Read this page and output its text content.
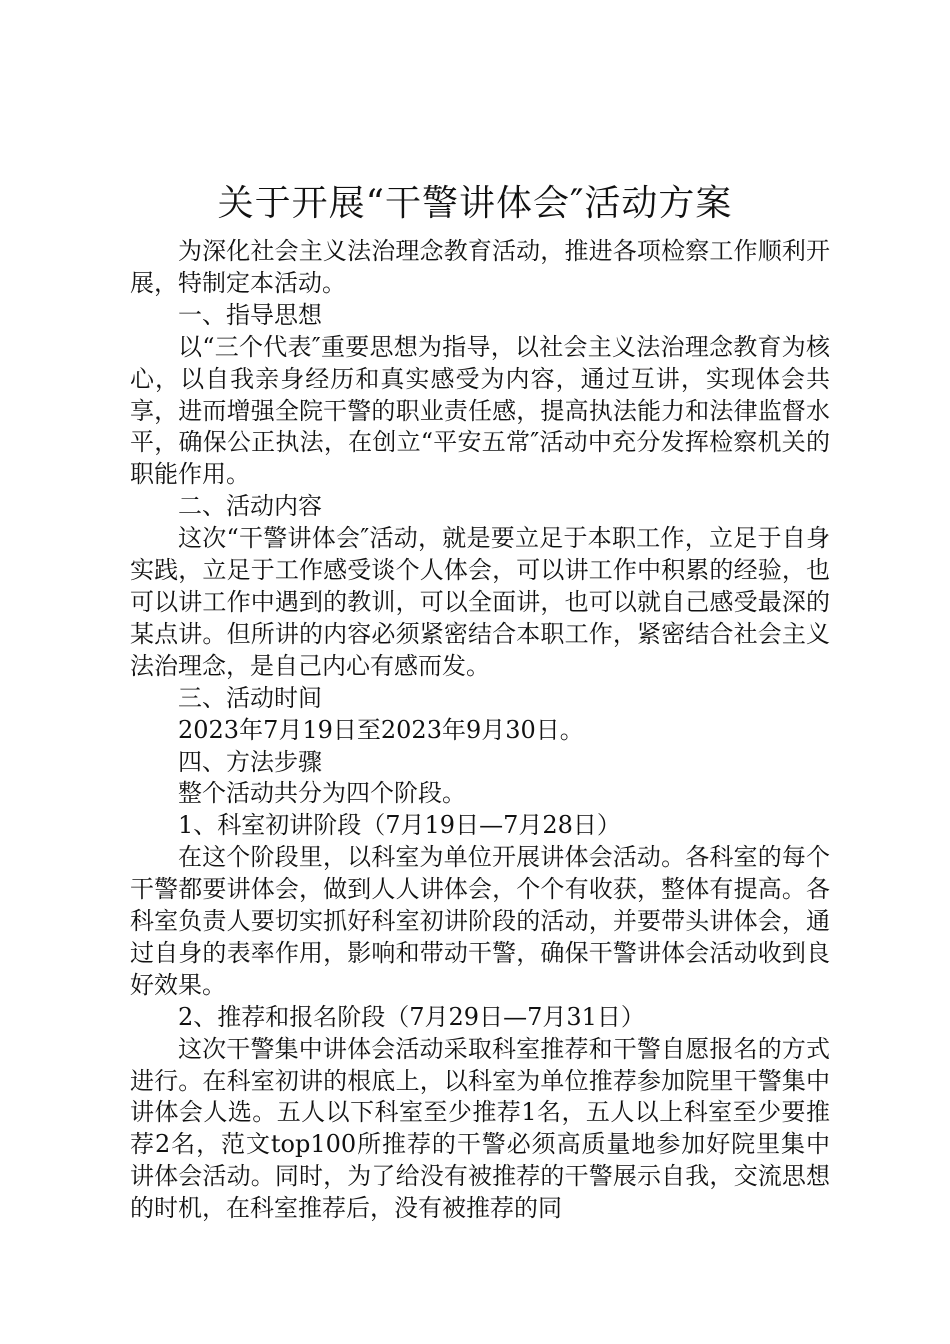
关于开展“干警讲体会″活动方案

为深化社会主义法治理念教育活动，推进各项检察工作顺利开展，特制定本活动。

一、指导思想

以“三个代表″重要思想为指导，以社会主义法治理念教育为核心，以自我亲身经历和真实感受为内容，通过互讲，实现体会共享，进而增强全院干警的职业责任感，提高执法能力和法律监督水平，确保公正执法，在创立“平安五常″活动中充分发挥检察机关的职能作用。

二、活动内容

这次“干警讲体会″活动，就是要立足于本职工作，立足于自身实践，立足于工作感受谈个人体会，可以讲工作中积累的经验，也可以讲工作中遇到的教训，可以全面讲，也可以就自己感受最深的某点讲。但所讲的内容必须紧密结合本职工作，紧密结合社会主义法治理念，是自己内心有感而发。

三、活动时间

2023年7月19日至2023年9月30日。

四、方法步骤

整个活动共分为四个阶段。

1、科室初讲阶段（7月19日—7月28日）

在这个阶段里，以科室为单位开展讲体会活动。各科室的每个干警都要讲体会，做到人人讲体会，个个有收获，整体有提高。各科室负责人要切实抓好科室初讲阶段的活动，并要带头讲体会，通过自身的表率作用，影响和带动干警，确保干警讲体会活动收到良好效果。

2、推荐和报名阶段（7月29日—7月31日）

这次干警集中讲体会活动采取科室推荐和干警自愿报名的方式进行。在科室初讲的根底上，以科室为单位推荐参加院里干警集中讲体会人选。五人以下科室至少推荐1名，五人以上科室至少要推荐2名，范文top100所推荐的干警必须高质量地参加好院里集中讲体会活动。同时，为了给没有被推荐的干警展示自我，交流思想的时机，在科室推荐后，没有被推荐的同
